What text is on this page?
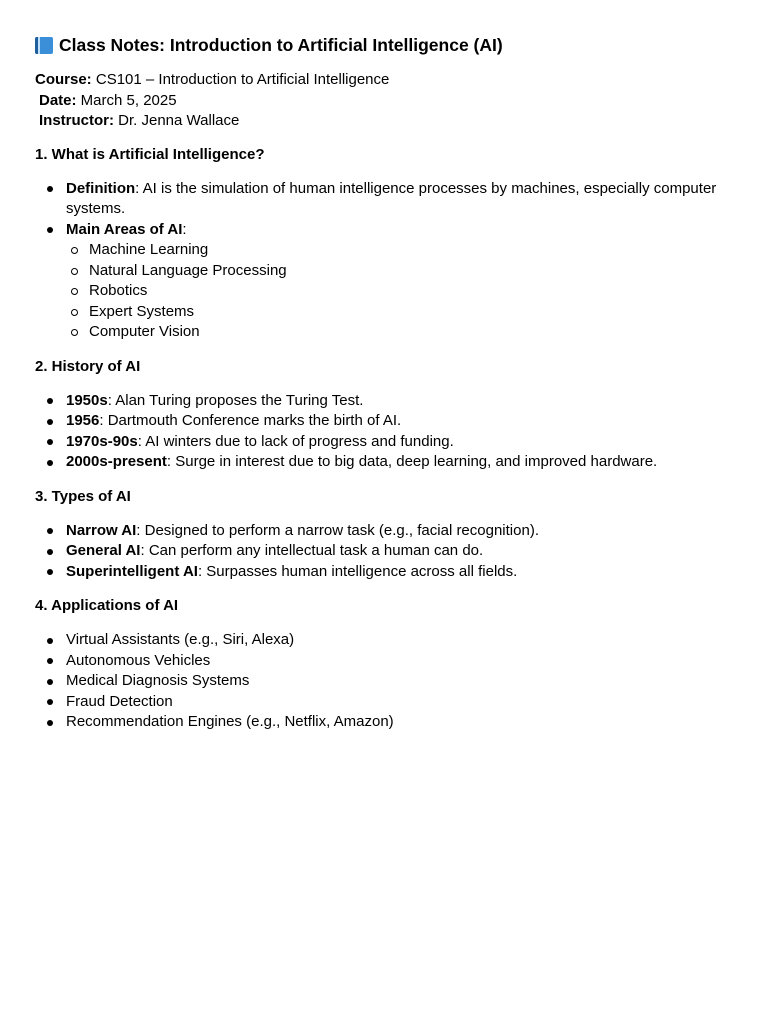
Class Notes: Introduction to Artificial Intelligence (AI)
Course: CS101 – Introduction to Artificial Intelligence
Date: March 5, 2025
Instructor: Dr. Jenna Wallace
1. What is Artificial Intelligence?
Definition: AI is the simulation of human intelligence processes by machines, especially computer systems.
Main Areas of AI:
Machine Learning
Natural Language Processing
Robotics
Expert Systems
Computer Vision
2. History of AI
1950s: Alan Turing proposes the Turing Test.
1956: Dartmouth Conference marks the birth of AI.
1970s-90s: AI winters due to lack of progress and funding.
2000s-present: Surge in interest due to big data, deep learning, and improved hardware.
3. Types of AI
Narrow AI: Designed to perform a narrow task (e.g., facial recognition).
General AI: Can perform any intellectual task a human can do.
Superintelligent AI: Surpasses human intelligence across all fields.
4. Applications of AI
Virtual Assistants (e.g., Siri, Alexa)
Autonomous Vehicles
Medical Diagnosis Systems
Fraud Detection
Recommendation Engines (e.g., Netflix, Amazon)
